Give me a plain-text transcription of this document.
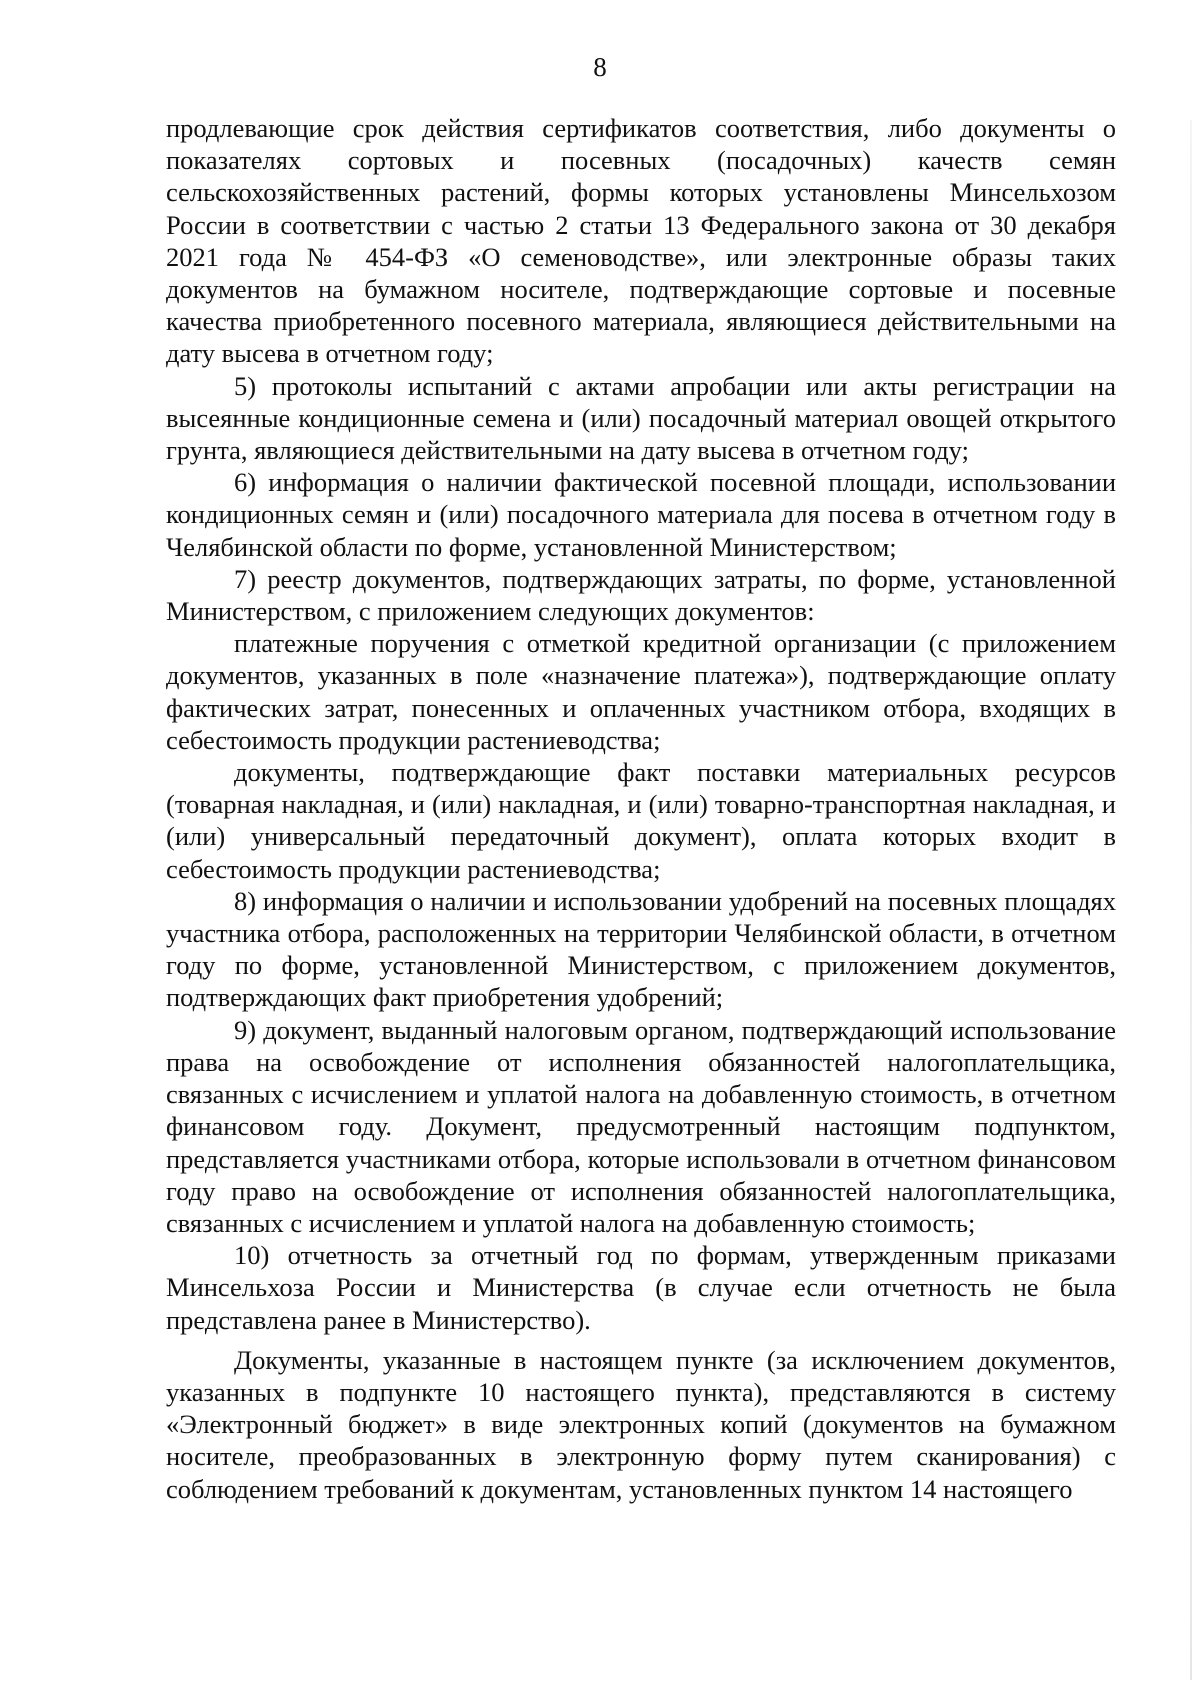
8

продлевающие срок действия сертификатов соответствия, либо документы о показателях сортовых и посевных (посадочных) качеств семян сельскохозяйственных растений, формы которых установлены Минсельхозом России в соответствии с частью 2 статьи 13 Федерального закона от 30 декабря 2021 года № 454-ФЗ «О семеноводстве», или электронные образы таких документов на бумажном носителе, подтверждающие сортовые и посевные качества приобретенного посевного материала, являющиеся действительными на дату высева в отчетном году;

5) протоколы испытаний с актами апробации или акты регистрации на высеянные кондиционные семена и (или) посадочный материал овощей открытого грунта, являющиеся действительными на дату высева в отчетном году;

6) информация о наличии фактической посевной площади, использовании кондиционных семян и (или) посадочного материала для посева в отчетном году в Челябинской области по форме, установленной Министерством;

7) реестр документов, подтверждающих затраты, по форме, установленной Министерством, с приложением следующих документов:

платежные поручения с отметкой кредитной организации (с приложением документов, указанных в поле «назначение платежа»), подтверждающие оплату фактических затрат, понесенных и оплаченных участником отбора, входящих в себестоимость продукции растениеводства;

документы, подтверждающие факт поставки материальных ресурсов (товарная накладная, и (или) накладная, и (или) товарно-транспортная накладная, и (или) универсальный передаточный документ), оплата которых входит в себестоимость продукции растениеводства;

8) информация о наличии и использовании удобрений на посевных площадях участника отбора, расположенных на территории Челябинской области, в отчетном году по форме, установленной Министерством, с приложением документов, подтверждающих факт приобретения удобрений;

9) документ, выданный налоговым органом, подтверждающий использование права на освобождение от исполнения обязанностей налогоплательщика, связанных с исчислением и уплатой налога на добавленную стоимость, в отчетном финансовом году. Документ, предусмотренный настоящим подпунктом, представляется участниками отбора, которые использовали в отчетном финансовом году право на освобождение от исполнения обязанностей налогоплательщика, связанных с исчислением и уплатой налога на добавленную стоимость;

10) отчетность за отчетный год по формам, утвержденным приказами Минсельхоза России и Министерства (в случае если отчетность не была представлена ранее в Министерство).

Документы, указанные в настоящем пункте (за исключением документов, указанных в подпункте 10 настоящего пункта), представляются в систему «Электронный бюджет» в виде электронных копий (документов на бумажном носителе, преобразованных в электронную форму путем сканирования) с соблюдением требований к документам, установленных пунктом 14 настоящего
